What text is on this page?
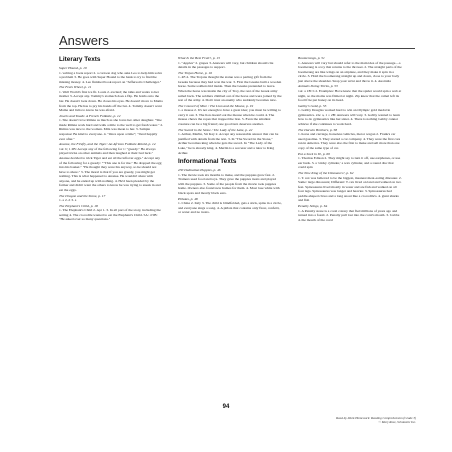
Answers
Literary Texts
Super Hound, p. 10
1. writing a book report 2. a cartoon dog who asks Leo to help him solve a problem 3. He goes with Super Hound to the bank to try to find the missing money. 4. Leo finished book report on "Jefferson's Challenger."
The Feets Wheel, p. 11
1. Well World's first ice fit. Louis 2. excited; the talks and wants to her mother 3. Accept any. Tommy's stomach does a flip. He holds onto the bar. He doesn't look down. He closes his eyes. He doesn't move to Mama from the top. He has to pry his hands off the bar. 4. Tommy doesn't want Mama and Julia to know he was afraid.
Jewels and Toads: A French Folktale, p. 12
1. She doesn't love Rimna as much as she loves her other daughter. "She made Rimna work hard and walk a mile to the well to get fresh water." 2. Rimna was nice to the woman. Mila was mean to her. 3. Sample response: Be kind to everyone. 4. "Once upon a time"; "lived happily ever after."
Ananse, the Firefly, and the Tiger: An African Folktale Retold, p. 14
1A: b; 1 2B: Accept any of the following for 1: "greedy." He always played tricks on other animals and then laughed at their bad luck." Ananse decided to trick Tiger and eat all the leftover eggs." Accept any of the following for a greedy: ""This one is for me." He dropped the egg into his basket." "He thought they were his anyway, so he should not have to share." 3. The moral is that if you are greedy, you might get nothing. This is what happened to Ananse. He wouldn't share with anyone, and he ended up with nothing. 4. He'd been pleaded by the farmer and didn't want the others to know he was trying to sneak in and eat the eggs.
The Dragon and the Stone, p. 17
1. a 2. d 3. a
The Elephant's Child, p. 18
1. The Elephant's Child 2. Apt 1. 3. In all part of the story, including the setting 4. The crocodile wanted to eat the Elephant's Child. 5A: d 5B: "He asked over so many questions."
What Is the Best Fruit?, p. 15
1. "Apples" 2. grapes 3. Answers will vary, but children should cite details in the passages to support.
The Trojan Horse, p. 16
1. 4F-2. The Trojans thought the statue was a parting gift from the Greeks because they had won the war. 3. First the Greeks built a wooden horse. Some soldiers hid inside. Then the Greeks pretended to leave. When the horse was inside the city of Troy, the rest of the Greek army sailed back. The soldiers climbed out of the horse and were joined by the rest of the army. 4. Don't trust an enemy who suddenly becomes nice.
The Council of Mice / The Lion and the Mouse, p. 19
1. a mouse 2. It's not enough to have a great idea; you must be willing to carry it out. 3. The lion doesn't eat the mouse when he could. 4. The mouse chews the ropes that trapped the lion. 5. Even the smallest creature can be a big friend; one good turn deserves another.
The Sword in the Stone / The Lady of the Lake, p. 42
1. Arthur, Merlin, Sir Kay 2. Accept any reasonable answer that can be justified with details from the text. 3. In "The Sword in the Stone," Arthur becomes king when he gets the sword. In "The Lady of the Lake," he is already king. 4. Merlin is a sorcerer and a tutor to King Arthur.
Informational Texts
230 Dalmatian Puppies, p. 46
1. The movie took six months to make, and the puppies grew fast. 2. Trainers used food and toys. They gave the puppies treats and played with the puppies. 3. Some of the people from the movie took puppies home. Owners also found new homes for them. 4. Most lose white with black spots and mostly black ears.
Piñatas, p. 48
1. China 2. Italy 3. The child is blindfolded, gets a stick, spins in a circle, and everyone sings a song. 4. A piñata that contains only flour, confetti, or water and no treats.
Boomerangs, p. 51
1. Answers will vary but should refer to the main idea of the passage—a boomerang is a toy that returns to the thrower. 2. The straight parts of the boomerang are like wings on an airplane, and they make it spin in a circle. 3. Hold the boomerang straight up and down, close to your body just above the shoulder. Snap your wrist and throw it. 4. Australia
Animals Doing Tricks, p. 53
1A: a 1B: b 2. Examples: Hove knew that the spider would spin a web at night, so the moms was filmed at night. Zip knew that the camel left its food if he put honey on its head.
Gabby's Gold, p. 55
1. Gabby Douglas worked hard to win an Olympic gold medal in gymnastics. 2A: a, 1 = 2B: Answers will vary. 3. Gabby wanted to learn how to do gymnastics like her sister. 4. There is nothing Gabby cannot achieve if she continues to work hard.
The Darwin Brothers, p. 58
1. horse and carriage, horseless vehicles, motor wagon 2. Frank's car used gasoline. 3. They started a car company. 4. They were the first cars ran in America. They were also the first to make and sell more than one copy of the same type of car.
Put a Sock in It!, p. 60
1. Thomas Edison 2. They might say to turn it off, use earphones, or use ear buds. 3. a 'sticky cylinder,' a wax cylinder, and a round disc that could spin
The New King of the Dinosaurs?, p. 62
1. T. rex was believed to be the biggest, meanest meat-eating dinosaur. 2. Same: large dinosaurs; Different: T. rex lived on land and walked on two feet. Spinosaurus lived mostly in water and ate fish and walked on all four legs. Spinosaurus was longer and heavier. 3. Spinosaurus had paddle-shaped claws and a long snout like a crocodile's. 4. giant sharks and fish
Penalty Stings, p. 64
1. A Penalty stone is a coral colony that fled millions of years ago and turned into a fossil. 2. Penalty pull lost into the coral's mouth. 3. b ubbe 4. the mouth of the coral
94
Read-by-Week Homework: Reading Comprehension (Grade 3)
© Mary Rose, Scholastic Inc.
